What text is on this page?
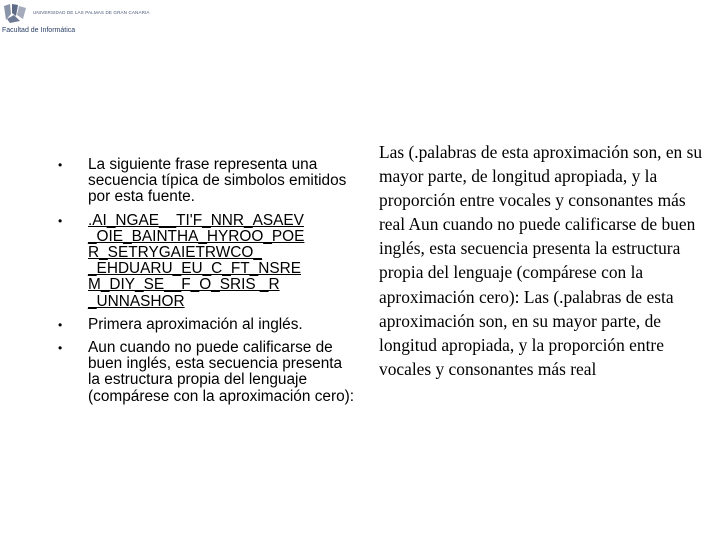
UNIVERSIDAD DE LAS PALMAS DE GRAN CANARIA
Facultad de Informática
• La siguiente frase representa una secuencia típica de simbolos emitidos por esta fuente.
• .AI_NGAE__TI'F_NNR_ASAEV _OIE_BAINTHA_HYROO_POE R_SETRYGAIETRWCO_ _EHDUARU_EU_C_FT_NSRE M_DIY_SE__F_O_SRIS _R _UNNASHOR
• Primera aproximación al inglés.
• Aun cuando no puede calificarse de buen inglés, esta secuencia presenta la estructura propia del lenguaje (compárese con la aproximación cero):

Las (.palabras de esta aproximación son, en su mayor parte, de longitud apropiada, y la proporción entre vocales y consonantes más real Aun cuando no puede calificarse de buen inglés, esta secuencia presenta la estructura propia del lenguaje (compárese con la aproximación cero): Las (.palabras de esta aproximación son, en su mayor parte, de longitud apropiada, y la proporción entre vocales y consonantes más real
